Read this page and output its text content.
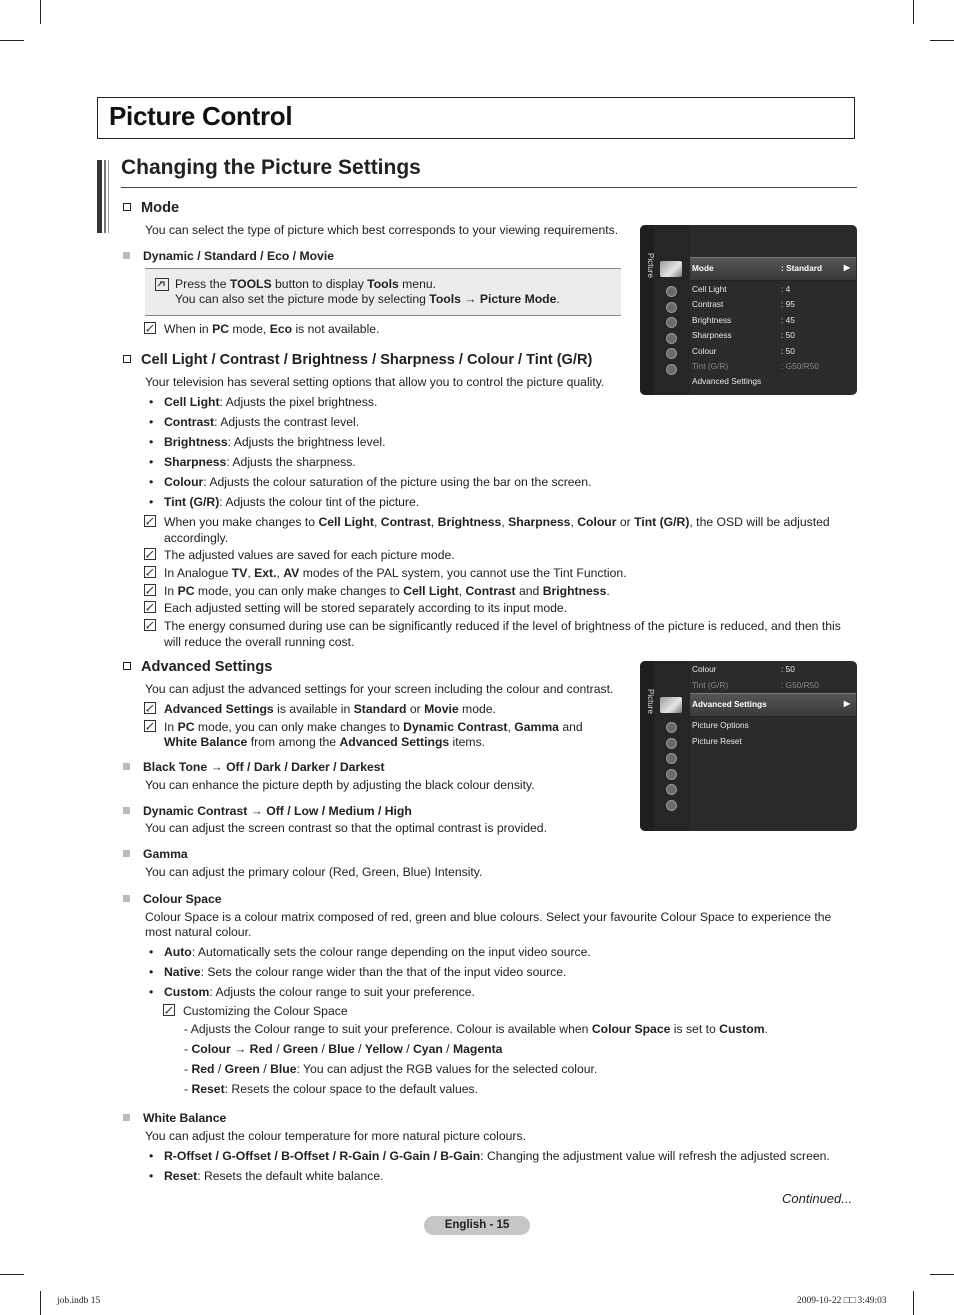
Picture Control
Changing the Picture Settings
Mode
You can select the type of picture which best corresponds to your viewing requirements.
Dynamic / Standard / Eco / Movie
Press the TOOLS button to display Tools menu.
You can also set the picture mode by selecting Tools → Picture Mode.
When in PC mode, Eco is not available.
Cell Light / Contrast / Brightness / Sharpness / Colour / Tint (G/R)
Your television has several setting options that allow you to control the picture quality.
• Cell Light: Adjusts the pixel brightness.
• Contrast: Adjusts the contrast level.
• Brightness: Adjusts the brightness level.
• Sharpness: Adjusts the sharpness.
• Colour: Adjusts the colour saturation of the picture using the bar on the screen.
• Tint (G/R): Adjusts the colour tint of the picture.
When you make changes to Cell Light, Contrast, Brightness, Sharpness, Colour or Tint (G/R), the OSD will be adjusted
accordingly.
The adjusted values are saved for each picture mode.
In Analogue TV, Ext., AV modes of the PAL system, you cannot use the Tint Function.
In PC mode, you can only make changes to Cell Light, Contrast and Brightness.
Each adjusted setting will be stored separately according to its input mode.
The energy consumed during use can be significantly reduced if the level of brightness of the picture is reduced, and then this
will reduce the overall running cost.
Advanced Settings
You can adjust the advanced settings for your screen including the colour and contrast.
Advanced Settings is available in Standard or Movie mode.
In PC mode, you can only make changes to Dynamic Contrast, Gamma and
White Balance from among the Advanced Settings items.
Black Tone → Off / Dark / Darker / Darkest
You can enhance the picture depth by adjusting the black colour density.
Dynamic Contrast → Off / Low / Medium / High
You can adjust the screen contrast so that the optimal contrast is provided.
Gamma
You can adjust the primary colour (Red, Green, Blue) Intensity.
Colour Space
Colour Space is a colour matrix composed of red, green and blue colours. Select your favourite Colour Space to experience the
most natural colour.
• Auto: Automatically sets the colour range depending on the input video source.
• Native: Sets the colour range wider than the that of the input video source.
• Custom: Adjusts the colour range to suit your preference.
Customizing the Colour Space
- Adjusts the Colour range to suit your preference. Colour is available when Colour Space is set to Custom.
- Colour → Red / Green / Blue / Yellow / Cyan / Magenta
- Red / Green / Blue: You can adjust the RGB values for the selected colour.
- Reset: Resets the colour space to the default values.
White Balance
You can adjust the colour temperature for more natural picture colours.
• R-Offset / G-Offset / B-Offset / R-Gain / G-Gain / B-Gain: Changing the adjustment value will refresh the adjusted screen.
• Reset: Resets the default white balance.
Continued...
English - 15
job.indb 15	2009-10-22 □□ 3:49:03
Picture	Mode	: Standard	▶
Cell Light	: 4
Contrast	: 95
Brightness	: 45
Sharpness	: 50
Colour	: 50
Tint (G/R)	: G50/R50
Advanced Settings
Picture
Colour	: 50
Tint (G/R)	: G50/R50
Advanced Settings	▶
Picture Options
Picture Reset
